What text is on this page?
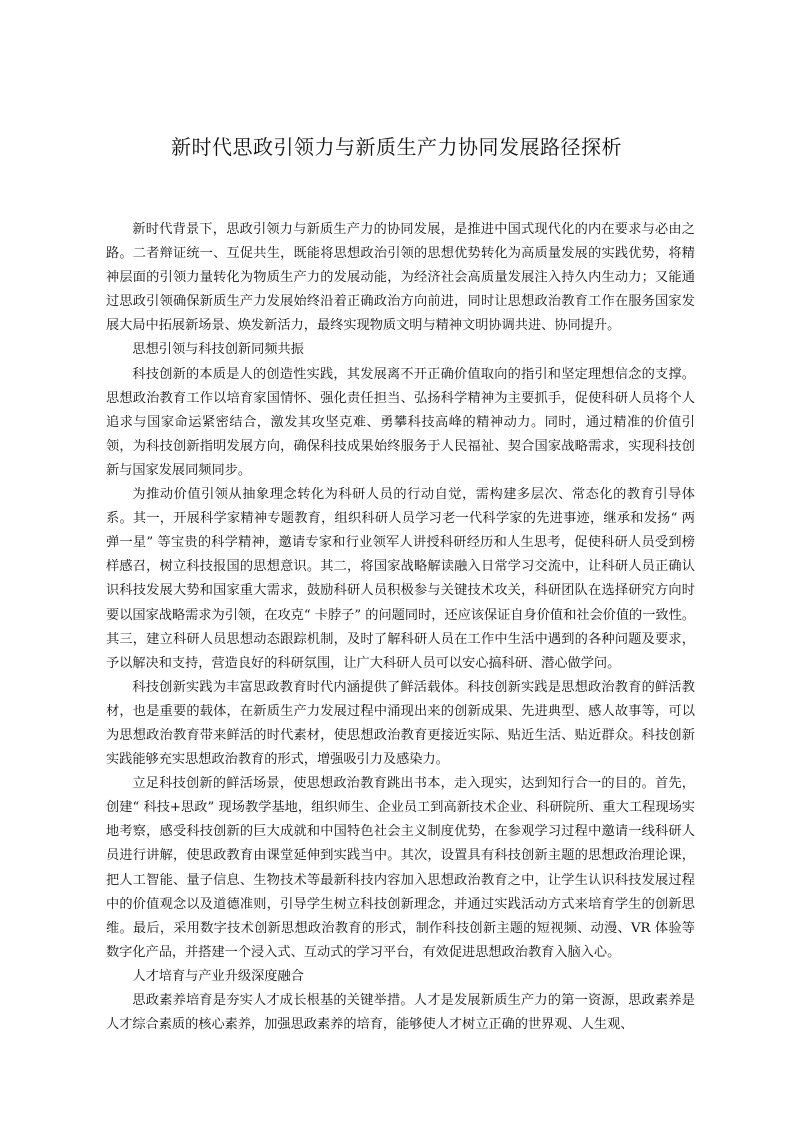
新时代思政引领力与新质生产力协同发展路径探析

新时代背景下，思政引领力与新质生产力的协同发展，是推进中国式现代化的内在要求与必由之路。二者辩证统一、互促共生，既能将思想政治引领的思想优势转化为高质量发展的实践优势，将精神层面的引领力量转化为物质生产力的发展动能，为经济社会高质量发展注入持久内生动力；又能通过思政引领确保新质生产力发展始终沿着正确政治方向前进，同时让思想政治教育工作在服务国家发展大局中拓展新场景、焕发新活力，最终实现物质文明与精神文明协调共进、协同提升。

思想引领与科技创新同频共振

科技创新的本质是人的创造性实践，其发展离不开正确价值取向的指引和坚定理想信念的支撑。思想政治教育工作以培育家国情怀、强化责任担当、弘扬科学精神为主要抓手，促使科研人员将个人追求与国家命运紧密结合，激发其攻坚克难、勇攀科技高峰的精神动力。同时，通过精准的价值引领，为科技创新指明发展方向，确保科技成果始终服务于人民福祉、契合国家战略需求，实现科技创新与国家发展同频同步。

为推动价值引领从抽象理念转化为科研人员的行动自觉，需构建多层次、常态化的教育引导体系。其一，开展科学家精神专题教育，组织科研人员学习老一代科学家的先进事迹，继承和发扬“ 两弹一星” 等宝贵的科学精神，邀请专家和行业领军人讲授科研经历和人生思考，促使科研人员受到榜样感召，树立科技报国的思想意识。其二，将国家战略解读融入日常学习交流中，让科研人员正确认识科技发展大势和国家重大需求，鼓励科研人员积极参与关键技术攻关，科研团队在选择研究方向时要以国家战略需求为引领，在攻克“ 卡脖子” 的问题同时，还应该保证自身价值和社会价值的一致性。其三，建立科研人员思想动态跟踪机制，及时了解科研人员在工作中生活中遇到的各种问题及要求，予以解决和支持，营造良好的科研氛围，让广大科研人员可以安心搞科研、潜心做学问。

科技创新实践为丰富思政教育时代内涵提供了鲜活载体。科技创新实践是思想政治教育的鲜活教材，也是重要的载体，在新质生产力发展过程中涌现出来的创新成果、先进典型、感人故事等，可以为思想政治教育带来鲜活的时代素材，使思想政治教育更接近实际、贴近生活、贴近群众。科技创新实践能够充实思想政治教育的形式，增强吸引力及感染力。

立足科技创新的鲜活场景，使思想政治教育跳出书本，走入现实，达到知行合一的目的。首先，创建“ 科技+思政” 现场教学基地，组织师生、企业员工到高新技术企业、科研院所、重大工程现场实地考察，感受科技创新的巨大成就和中国特色社会主义制度优势，在参观学习过程中邀请一线科研人员进行讲解，使思政教育由课堂延伸到实践当中。其次，设置具有科技创新主题的思想政治理论课，把人工智能、量子信息、生物技术等最新科技内容加入思想政治教育之中，让学生认识科技发展过程中的价值观念以及道德准则，引导学生树立科技创新理念，并通过实践活动方式来培育学生的创新思维。最后，采用数字技术创新思想政治教育的形式，制作科技创新主题的短视频、动漫、VR 体验等数字化产品，并搭建一个浸入式、互动式的学习平台，有效促进思想政治教育入脑入心。

人才培育与产业升级深度融合

思政素养培育是夯实人才成长根基的关键举措。人才是发展新质生产力的第一资源，思政素养是人才综合素质的核心素养，加强思政素养的培育，能够使人才树立正确的世界观、人生观、
